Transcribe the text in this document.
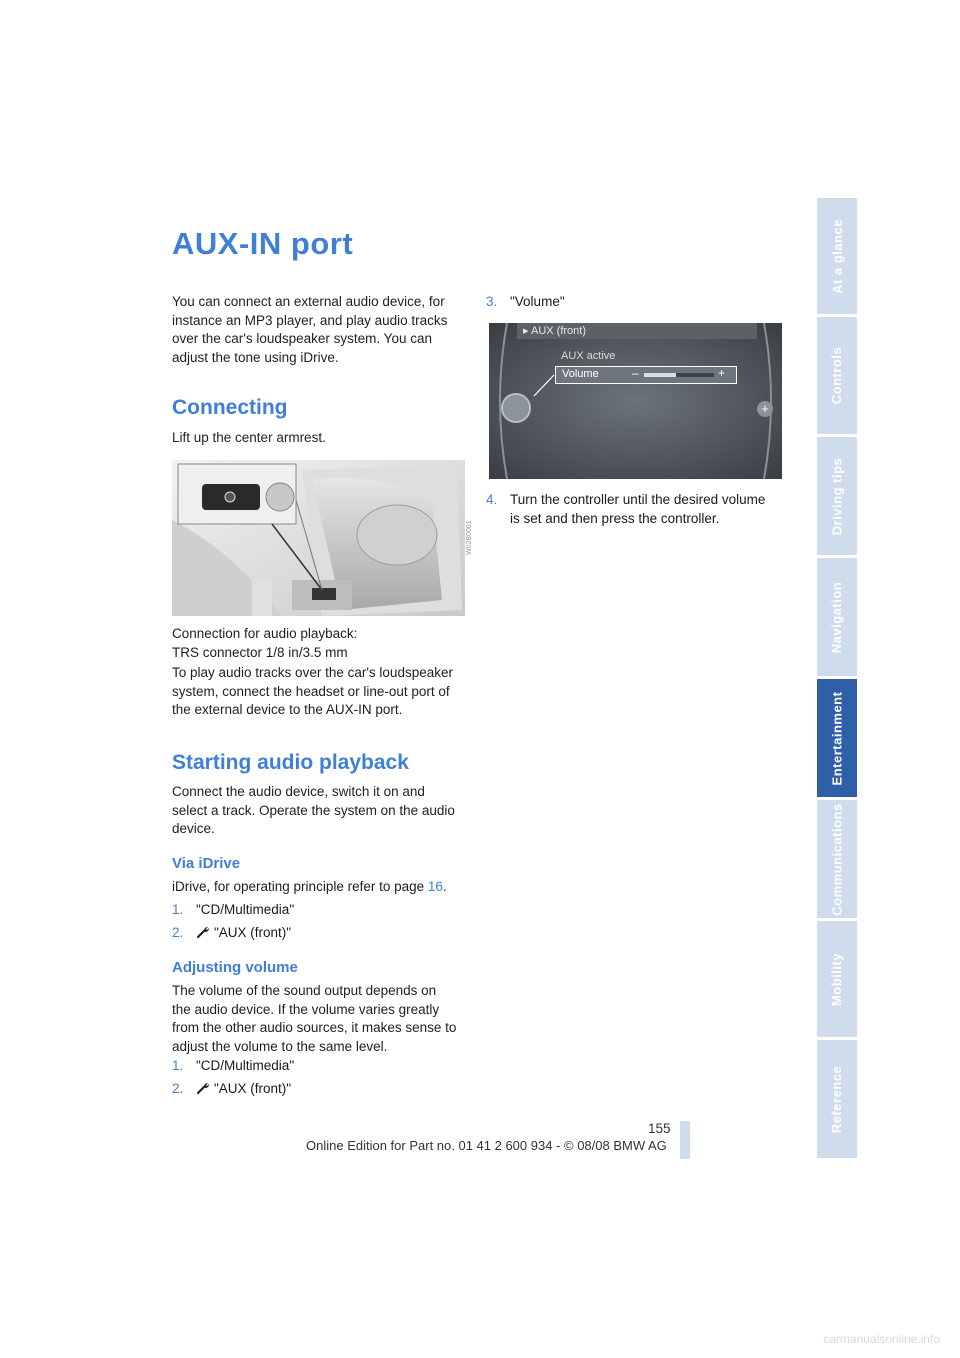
AUX-IN port
You can connect an external audio device, for
instance an MP3 player, and play audio tracks
over the car's loudspeaker system. You can
adjust the tone using iDrive.
Connecting
Lift up the center armrest.
W02B0001
Connection for audio playback:
TRS connector 1/8 in/3.5 mm
To play audio tracks over the car's loudspeaker
system, connect the headset or line-out port of
the external device to the AUX-IN port.
Starting audio playback
Connect the audio device, switch it on and
select a track. Operate the system on the audio
device.
Via iDrive
iDrive, for operating principle refer to page 16.
1. "CD/Multimedia"
2. "AUX (front)"
Adjusting volume
The volume of the sound output depends on
the audio device. If the volume varies greatly
from the other audio sources, it makes sense to
adjust the volume to the same level.
1. "CD/Multimedia"
2. "AUX (front)"
3. "Volume"
▸ AUX (front)
AUX active
Volume	–	+
+
4. Turn the controller until the desired volume
is set and then press the controller.
At a glance
Controls
Driving tips
Navigation
Entertainment
Communications
Mobility
Reference
155
Online Edition for Part no. 01 41 2 600 934 - © 08/08 BMW AG
carmanualsonline.info
